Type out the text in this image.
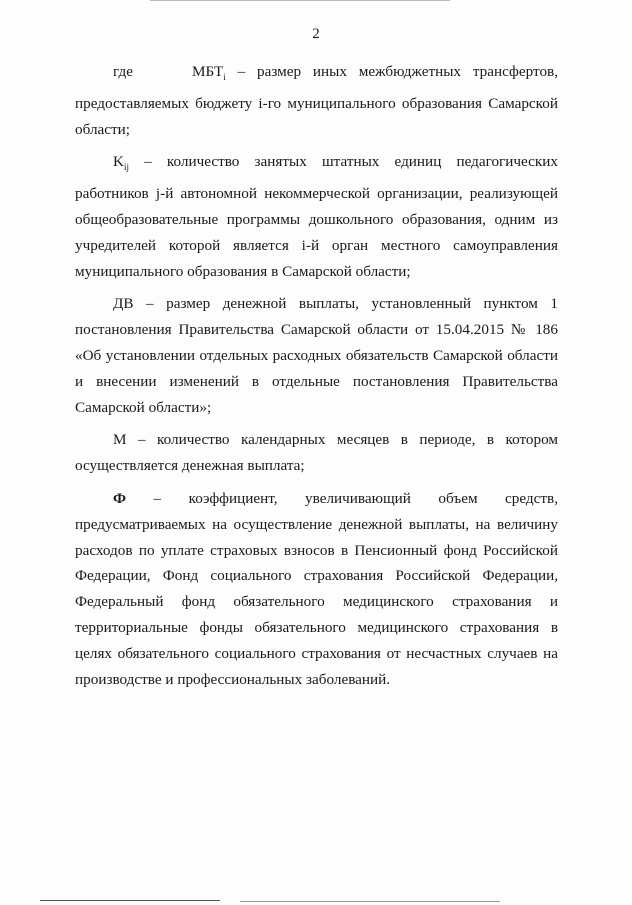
2

где	$МБТ_i$ – размер иных межбюджетных трансфертов, предоставляемых бюджету i-го муниципального образования Самарской области;

$K_{ij}$ – количество занятых штатных единиц педагогических работников j-й автономной некоммерческой организации, реализующей общеобразовательные программы дошкольного образования, одним из учредителей которой является i-й орган местного самоуправления муниципального образования в Самарской области;

ДВ – размер денежной выплаты, установленный пунктом 1 постановления Правительства Самарской области от 15.04.2015 № 186 «Об установлении отдельных расходных обязательств Самарской области и внесении изменений в отдельные постановления Правительства Самарской области»;

М – количество календарных месяцев в периоде, в котором осуществляется денежная выплата;

Ф – коэффициент, увеличивающий объем средств, предусматриваемых на осуществление денежной выплаты, на величину расходов по уплате страховых взносов в Пенсионный фонд Российской Федерации, Фонд социального страхования Российской Федерации, Федеральный фонд обязательного медицинского страхования и территориальные фонды обязательного медицинского страхования в целях обязательного социального страхования от несчастных случаев на производстве и профессиональных заболеваний.
